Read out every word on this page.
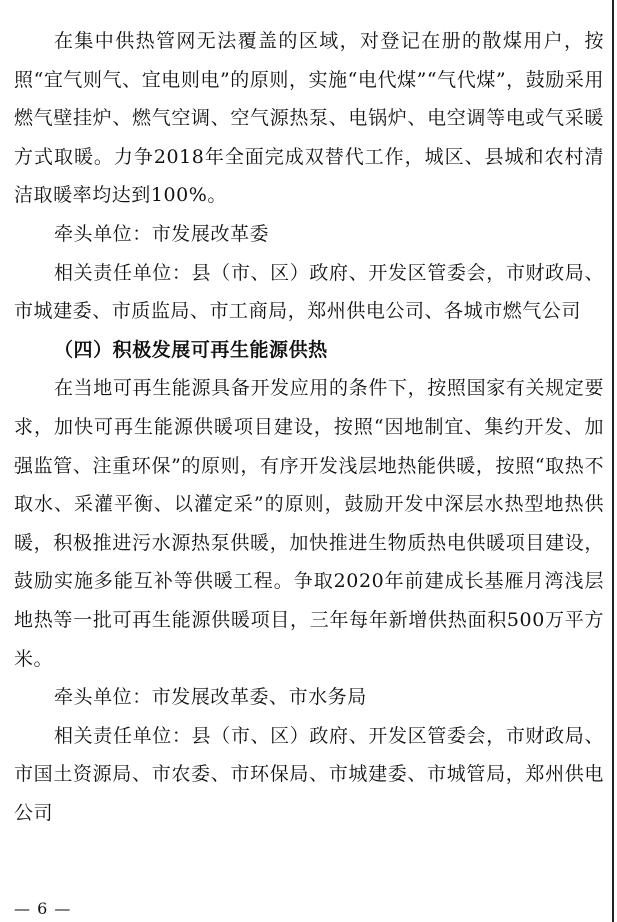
在集中供热管网无法覆盖的区域，对登记在册的散煤用户，按照“宜气则气、宜电则电”的原则，实施“电代煤”“气代煤”，鼓励采用燃气壁挂炉、燃气空调、空气源热泵、电锅炉、电空调等电或气采暖方式取暖。力争2018年全面完成双替代工作，城区、县城和农村清洁取暖率均达到100%。

牵头单位：市发展改革委

相关责任单位：县（市、区）政府、开发区管委会，市财政局、市城建委、市质监局、市工商局，郑州供电公司、各城市燃气公司

（四）积极发展可再生能源供热

在当地可再生能源具备开发应用的条件下，按照国家有关规定要求，加快可再生能源供暖项目建设，按照“因地制宜、集约开发、加强监管、注重环保”的原则，有序开发浅层地热能供暖，按照“取热不取水、采灌平衡、以灌定采”的原则，鼓励开发中深层水热型地热供暖，积极推进污水源热泵供暖，加快推进生物质热电供暖项目建设，鼓励实施多能互补等供暖工程。争取2020年前建成长基雁月湾浅层地热等一批可再生能源供暖项目，三年每年新增供热面积500万平方米。

牵头单位：市发展改革委、市水务局

相关责任单位：县（市、区）政府、开发区管委会，市财政局、市国土资源局、市农委、市环保局、市城建委、市城管局，郑州供电公司

— 6 —
